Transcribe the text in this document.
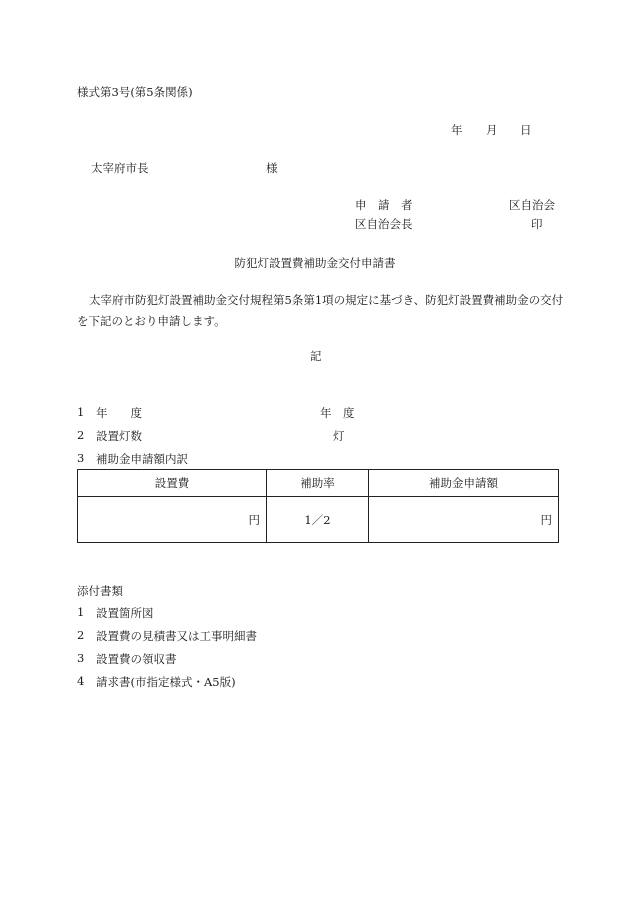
様式第3号(第5条関係)
年 月 日
太宰府市長	様
申　請　者	区自治会
区自治会長	印
防犯灯設置費補助金交付申請書
太宰府市防犯灯設置補助金交付規程第5条第1項の規定に基づき、防犯灯設置費補助金の交付を下記のとおり申請します。
記
1 年　　度	年　度
2 設置灯数	灯
3 補助金申請額内訳
設置費	補助率	補助金申請額
円	1／2	円
添付書類
1 設置箇所図
2 設置費の見積書又は工事明細書
3 設置費の領収書
4 請求書(市指定様式・A5版)
